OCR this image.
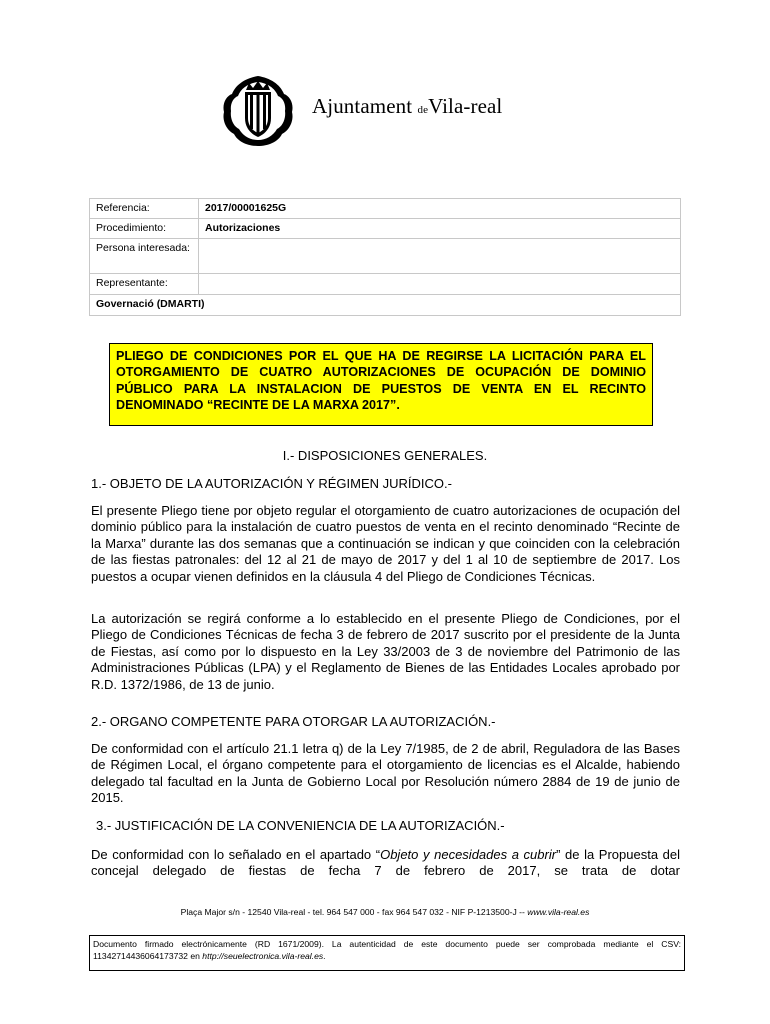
Ajuntament deVila-real
Referencia:	2017/00001625G
Procedimiento:	Autorizaciones
Persona interesada:	
Representante:	
Governació (DMARTI)	
PLIEGO DE CONDICIONES POR EL QUE HA DE REGIRSE LA LICITACIÓN PARA EL OTORGAMIENTO DE CUATRO AUTORIZACIONES DE OCUPACIÓN DE DOMINIO PÚBLICO PARA LA INSTALACION DE PUESTOS DE VENTA EN EL RECINTO DENOMINADO “RECINTE DE LA MARXA 2017”.
I.- DISPOSICIONES GENERALES.
1.- OBJETO DE LA AUTORIZACIÓN Y RÉGIMEN JURÍDICO.-
El presente Pliego tiene por objeto regular el otorgamiento de cuatro autorizaciones de ocupación del dominio público para la instalación de cuatro puestos de venta en el recinto denominado “Recinte de la Marxa” durante las dos semanas que a continuación se indican y que coinciden con la celebración de las fiestas patronales: del 12 al 21 de mayo de 2017 y del 1 al 10 de septiembre de 2017. Los puestos a ocupar vienen definidos en la cláusula 4 del Pliego de Condiciones Técnicas.
La autorización se regirá conforme a lo establecido en el presente Pliego de Condiciones, por el Pliego de Condiciones Técnicas de fecha 3 de febrero de 2017 suscrito por el presidente de la Junta de Fiestas, así como por lo dispuesto en la Ley 33/2003 de 3 de noviembre del Patrimonio de las Administraciones Públicas (LPA) y el Reglamento de Bienes de las Entidades Locales aprobado por R.D. 1372/1986, de 13 de junio.
2.- ORGANO COMPETENTE PARA OTORGAR LA AUTORIZACIÓN.-
De conformidad con el artículo 21.1 letra q) de la Ley 7/1985, de 2 de abril, Reguladora de las Bases de Régimen Local, el órgano competente para el otorgamiento de licencias es el Alcalde, habiendo delegado tal facultad en la Junta de Gobierno Local por Resolución número 2884 de 19 de junio de 2015.
3.- JUSTIFICACIÓN DE LA CONVENIENCIA DE LA AUTORIZACIÓN.-
De conformidad con lo señalado en el apartado “Objeto y necesidades a cubrir” de la Propuesta del concejal delegado de fiestas de fecha 7 de febrero de 2017, se trata de dotar
Plaça Major s/n - 12540 Vila-real - tel. 964 547 000 - fax 964 547 032 - NIF P-1213500-J -- www.vila-real.es
Documento firmado electrónicamente (RD 1671/2009). La autenticidad de este documento puede ser comprobada mediante el CSV: 11342714436064173732 en http://seuelectronica.vila-real.es.
